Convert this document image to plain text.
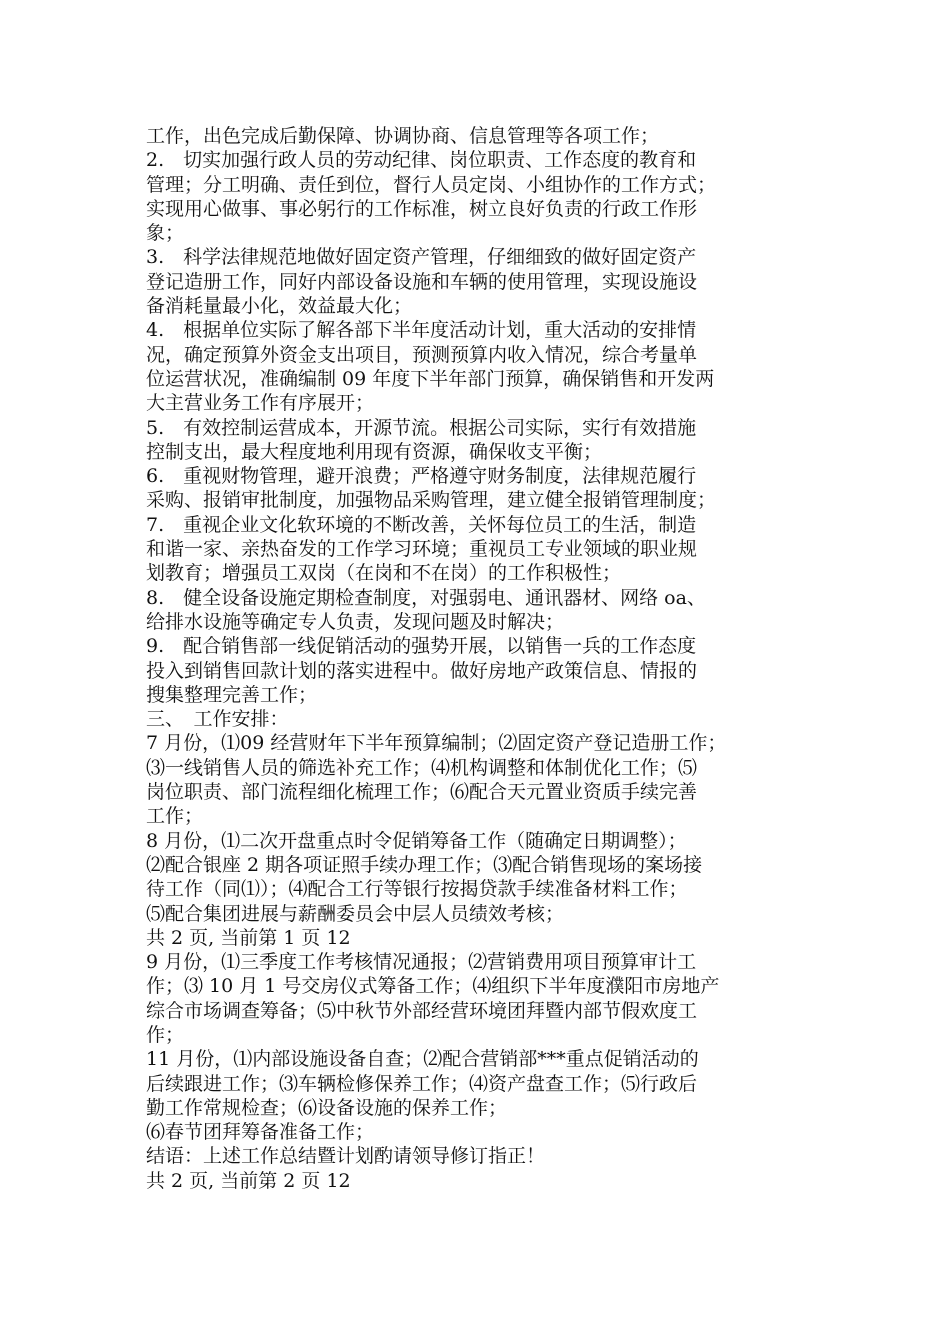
工作，出色完成后勤保障、协调协商、信息管理等各项工作；
2.　切实加强行政人员的劳动纪律、岗位职责、工作态度的教育和
管理；分工明确、责任到位，督行人员定岗、小组协作的工作方式；
实现用心做事、事必躬行的工作标准，树立良好负责的行政工作形
象；
3.　科学法律规范地做好固定资产管理，仔细细致的做好固定资产
登记造册工作，同好内部设备设施和车辆的使用管理，实现设施设
备消耗量最小化，效益最大化；
4.　根据单位实际了解各部下半年度活动计划，重大活动的安排情
况，确定预算外资金支出项目，预测预算内收入情况，综合考量单
位运营状况，准确编制 09 年度下半年部门预算，确保销售和开发两
大主营业务工作有序展开；
5.　有效控制运营成本，开源节流。根据公司实际，实行有效措施
控制支出，最大程度地利用现有资源，确保收支平衡；
6.　重视财物管理，避开浪费；严格遵守财务制度，法律规范履行
采购、报销审批制度，加强物品采购管理，建立健全报销管理制度；
7.　重视企业文化软环境的不断改善，关怀每位员工的生活，制造
和谐一家、亲热奋发的工作学习环境；重视员工专业领域的职业规
划教育；增强员工双岗（在岗和不在岗）的工作积极性；
8.　健全设备设施定期检查制度，对强弱电、通讯器材、网络 oa、
给排水设施等确定专人负责，发现问题及时解决；
9.　配合销售部一线促销活动的强势开展，以销售一兵的工作态度
投入到销售回款计划的落实进程中。做好房地产政策信息、情报的
搜集整理完善工作；
三、　工作安排：
7 月份，⑴09 经营财年下半年预算编制；⑵固定资产登记造册工作；
⑶一线销售人员的筛选补充工作；⑷机构调整和体制优化工作；⑸
岗位职责、部门流程细化梳理工作；⑹配合天元置业资质手续完善
工作；
8 月份，⑴二次开盘重点时令促销筹备工作（随确定日期调整）；
⑵配合银座 2 期各项证照手续办理工作；⑶配合销售现场的案场接
待工作（同⑴）；⑷配合工行等银行按揭贷款手续准备材料工作；
⑸配合集团进展与薪酬委员会中层人员绩效考核；
共 2 页, 当前第 1 页 12
9 月份，⑴三季度工作考核情况通报；⑵营销费用项目预算审计工
作；⑶ 10 月 1 号交房仪式筹备工作；⑷组织下半年度濮阳市房地产
综合市场调查筹备；⑸中秋节外部经营环境团拜暨内部节假欢度工
作；
11 月份，⑴内部设施设备自查；⑵配合营销部***重点促销活动的
后续跟进工作；⑶车辆检修保养工作；⑷资产盘查工作；⑸行政后
勤工作常规检查；⑹设备设施的保养工作；
⑹春节团拜筹备准备工作；
结语：上述工作总结暨计划酌请领导修订指正！
共 2 页, 当前第 2 页 12
